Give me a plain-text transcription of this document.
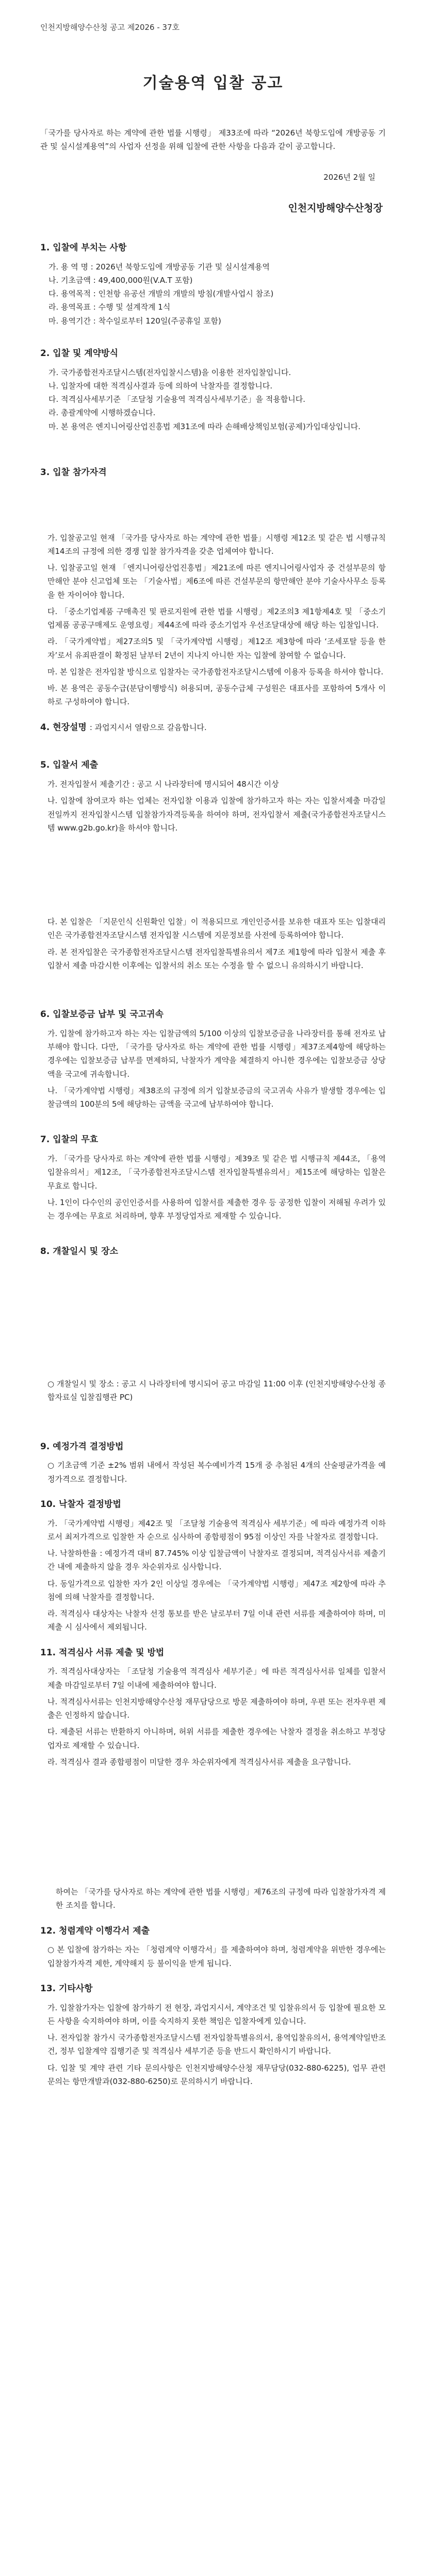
인천지방해양수산청 공고 제2026 - 37호
기술용역 입찰 공고
「국가를 당사자로 하는 계약에 관한 법률 시행령」 제33조에 따라 “2026년 북항도입에 개방공동 기관 및 실시설계용역”의 사업자 선정을 위해 입찰에 관한 사항을 다음과 같이 공고합니다.
2026년 2월 일
인천지방해양수산청장
1. 입찰에 부치는 사항
가. 용 역 명 : 2026년 북항도입에 개방공동 기관 및 실시설계용역
나. 기초금액 : 49,400,000원(V.A.T 포함)
다. 용역목적 : 인천항 유공선 개발의 개발의 방침(개발사업시 참조)
라. 용역목표 : 수행 및 설계작계 1식
마. 용역기간 : 착수일로부터 120일(주공휴일 포함)
2. 입찰 및 계약방식
가. 국가종합전자조달시스템(전자입찰시스템)을 이용한 전자입찰입니다.
나. 입찰자에 대한 적격심사결과 등에 의하여 낙찰자를 결정합니다.
다. 적격심사세부기준 「조달청 기술용역 적격심사세부기준」을 적용합니다.
라. 총괄계약에 시행하겠습니다.
마. 본 용역은 엔지니어링산업진흥법 제31조에 따라 손해배상책임보험(공제)가입대상입니다.
3. 입찰 참가자격
가. 입찰공고일 현재 「국가를 당사자로 하는 계약에 관한 법률」시행령 제12조 및 같은 법 시행규칙 제14조의 규정에 의한 경쟁 입찰 참가자격을 갖춘 업체여야 합니다.
나. 입찰공고일 현재 「엔지니어링산업진흥법」제21조에 따른 엔지니어링사업자 중 건설부문의 항만해안 분야 신고업체 또는 「기술사법」제6조에 따른 건설부문의 항만해안 분야 기술사사무소 등록을 한 자이어야 합니다.
다. 「중소기업제품 구매촉진 및 판로지원에 관한 법률 시행령」제2조의3 제1항제4호 및 「중소기업제품 공공구매제도 운영요령」제44조에 따라 중소기업자 우선조달대상에 해당 하는 입찰입니다.
라. 「국가계약법」제27조의5 및 「국가계약법 시행령」제12조 제3항에 따라 ‘조세포탈 등을 한 자’로서 유죄판결이 확정된 날부터 2년이 지나지 아니한 자는 입찰에 참여할 수 없습니다.
마. 본 입찰은 전자입찰 방식으로 입찰자는 국가종합전자조달시스템에 이용자 등록을 하셔야 합니다.
바. 본 용역은 공동수급(분담이행방식) 허용되며, 공동수급체 구성원은 대표사를 포함하여 5개사 이하로 구성하여야 합니다.
4. 현장설명 : 과업지시서 열람으로 갈음합니다.
5. 입찰서 제출
가. 전자입찰서 제출기간 : 공고 시 나라장터에 명시되어 48시간 이상
나. 입찰에 참여코자 하는 업체는 전자입찰 이용과 입찰에 참가하고자 하는 자는 입찰서제출 마감일 전일까지 전자입찰시스템 입찰참가자격등록을 하여야 하며, 전자입찰서 제출(국가종합전자조달시스템 www.g2b.go.kr)을 하셔야 합니다.
다. 본 입찰은 「지문인식 신원확인 입찰」이 적용되므로 개인인증서를 보유한 대표자 또는 입찰대리인은 국가종합전자조달시스템 전자입찰 시스템에 지문정보를 사전에 등록하여야 합니다.
라. 본 전자입찰은 국가종합전자조달시스템 전자입찰특별유의서 제7조 제1항에 따라 입찰서 제출 후 입찰서 제출 마감시한 이후에는 입찰서의 취소 또는 수정을 할 수 없으니 유의하시기 바랍니다.
6. 입찰보증금 납부 및 국고귀속
가. 입찰에 참가하고자 하는 자는 입찰금액의 5/100 이상의 입찰보증금을 나라장터를 통해 전자로 납부해야 합니다. 다만, 「국가를 당사자로 하는 계약에 관한 법률 시행령」제37조제4항에 해당하는 경우에는 입찰보증금 납부를 면제하되, 낙찰자가 계약을 체결하지 아니한 경우에는 입찰보증금 상당액을 국고에 귀속합니다.
나. 「국가계약법 시행령」제38조의 규정에 의거 입찰보증금의 국고귀속 사유가 발생할 경우에는 입찰금액의 100분의 5에 해당하는 금액을 국고에 납부하여야 합니다.
7. 입찰의 무효
가. 「국가를 당사자로 하는 계약에 관한 법률 시행령」제39조 및 같은 법 시행규칙 제44조, 「용역입찰유의서」제12조, 「국가종합전자조달시스템 전자입찰특별유의서」제15조에 해당하는 입찰은 무효로 합니다.
나. 1인이 다수인의 공인인증서를 사용하여 입찰서를 제출한 경우 등 공정한 입찰이 저해될 우려가 있는 경우에는 무효로 처리하며, 향후 부정당업자로 제재할 수 있습니다.
8. 개찰일시 및 장소
○ 개찰일시 및 장소 : 공고 시 나라장터에 명시되어 공고 마감일 11:00 이후 (인천지방해양수산청 종합자료실 입찰집행관 PC)
9. 예정가격 결정방법
○ 기초금액 기준 ±2% 범위 내에서 작성된 복수예비가격 15개 중 추첨된 4개의 산술평균가격을 예정가격으로 결정합니다.
10. 낙찰자 결정방법
가. 「국가계약법 시행령」제42조 및 「조달청 기술용역 적격심사 세부기준」에 따라 예정가격 이하로서 최저가격으로 입찰한 자 순으로 심사하여 종합평점이 95점 이상인 자를 낙찰자로 결정합니다.
나. 낙찰하한율 : 예정가격 대비 87.745% 이상 입찰금액이 낙찰자로 결정되며, 적격심사서류 제출기간 내에 제출하지 않을 경우 차순위자로 심사합니다.
다. 동일가격으로 입찰한 자가 2인 이상일 경우에는 「국가계약법 시행령」제47조 제2항에 따라 추첨에 의해 낙찰자를 결정합니다.
라. 적격심사 대상자는 낙찰자 선정 통보를 받은 날로부터 7일 이내 관련 서류를 제출하여야 하며, 미제출 시 심사에서 제외됩니다.
11. 적격심사 서류 제출 및 방법
가. 적격심사대상자는 「조달청 기술용역 적격심사 세부기준」에 따른 적격심사서류 일체를 입찰서 제출 마감일로부터 7일 이내에 제출하여야 합니다.
나. 적격심사서류는 인천지방해양수산청 재무담당으로 방문 제출하여야 하며, 우편 또는 전자우편 제출은 인정하지 않습니다.
다. 제출된 서류는 반환하지 아니하며, 허위 서류를 제출한 경우에는 낙찰자 결정을 취소하고 부정당업자로 제재할 수 있습니다.
라. 적격심사 결과 종합평점이 미달한 경우 차순위자에게 적격심사서류 제출을 요구합니다.
하여는 「국가를 당사자로 하는 계약에 관한 법률 시행령」제76조의 규정에 따라 입찰참가자격 제한 조치를 합니다.
12. 청렴계약 이행각서 제출
○ 본 입찰에 참가하는 자는 「청렴계약 이행각서」를 제출하여야 하며, 청렴계약을 위반한 경우에는 입찰참가자격 제한, 계약해지 등 불이익을 받게 됩니다.
13. 기타사항
가. 입찰참가자는 입찰에 참가하기 전 현장, 과업지시서, 계약조건 및 입찰유의서 등 입찰에 필요한 모든 사항을 숙지하여야 하며, 이를 숙지하지 못한 책임은 입찰자에게 있습니다.
나. 전자입찰 참가시 국가종합전자조달시스템 전자입찰특별유의서, 용역입찰유의서, 용역계약일반조건, 정부 입찰계약 집행기준 및 적격심사 세부기준 등을 반드시 확인하시기 바랍니다.
다. 입찰 및 계약 관련 기타 문의사항은 인천지방해양수산청 재무담당(032-880-6225), 업무 관련 문의는 항만개발과(032-880-6250)로 문의하시기 바랍니다.
